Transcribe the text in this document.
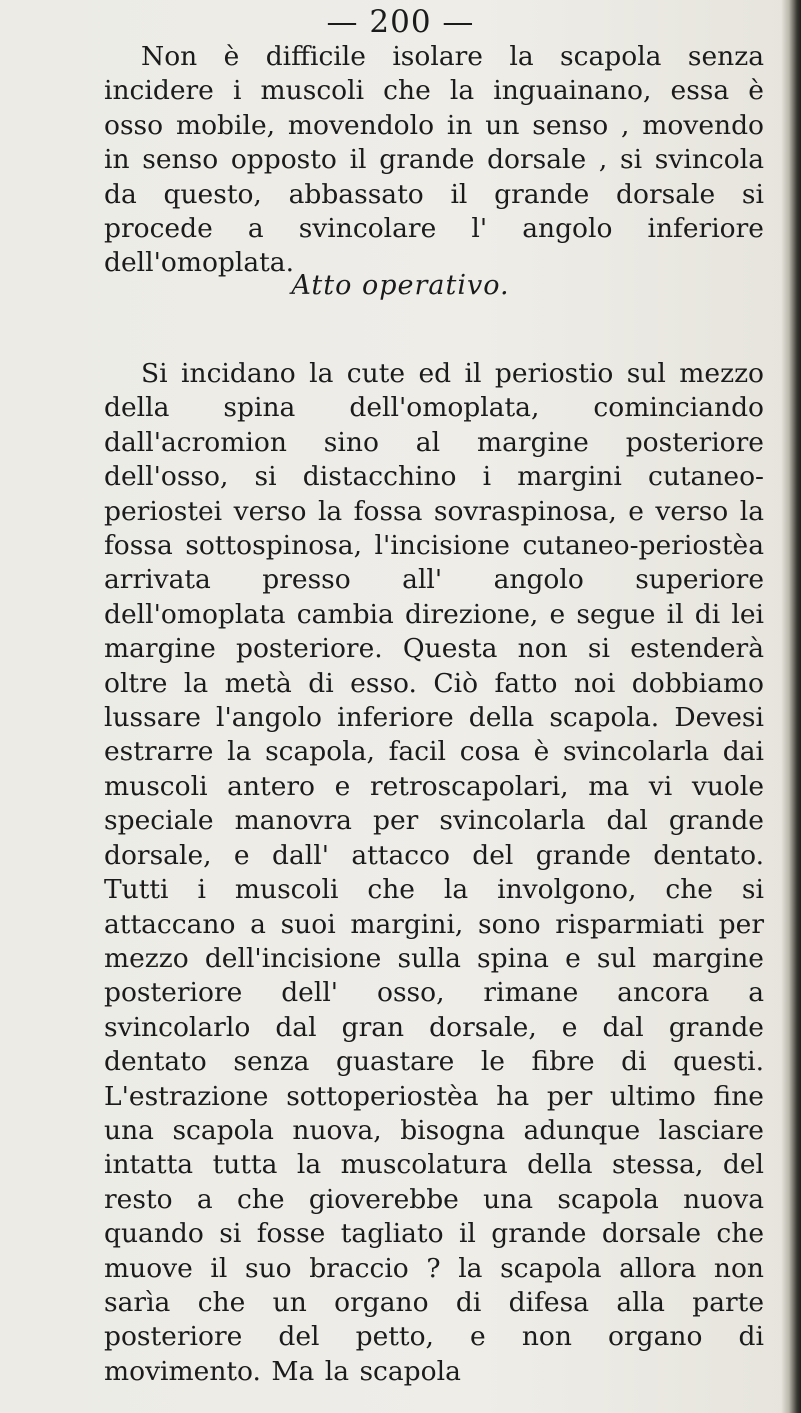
— 200 —

Non è difficile isolare la scapola senza incidere i muscoli che la inguainano, essa è osso mobile, movendolo in un senso , movendo in senso opposto il grande dorsale , si svincola da questo, abbassato il grande dorsale si procede a svincolare l' angolo inferiore dell'omoplata.

Atto operativo.

Si incidano la cute ed il periostio sul mezzo della spina dell'omoplata, cominciando dall'acromion sino al margine posteriore dell'osso, si distacchino i margini cutaneo-periostei verso la fossa sovraspinosa, e verso la fossa sottospinosa, l'incisione cutaneo-periostèa arrivata presso all' angolo superiore dell'omoplata cambia direzione, e segue il di lei margine posteriore. Questa non si estenderà oltre la metà di esso. Ciò fatto noi dobbiamo lussare l'angolo inferiore della scapola. Devesi estrarre la scapola, facil cosa è svincolarla dai muscoli antero e retroscapolari, ma vi vuole speciale manovra per svincolarla dal grande dorsale, e dall' attacco del grande dentato. Tutti i muscoli che la involgono, che si attaccano a suoi margini, sono risparmiati per mezzo dell'incisione sulla spina e sul margine posteriore dell' osso, rimane ancora a svincolarlo dal gran dorsale, e dal grande dentato senza guastare le fibre di questi. L'estrazione sottoperiostèa ha per ultimo fine una scapola nuova, bisogna adunque lasciare intatta tutta la muscolatura della stessa, del resto a che gioverebbe una scapola nuova quando si fosse tagliato il grande dorsale che muove il suo braccio ? la scapola allora non sarìa che un organo di difesa alla parte posteriore del petto, e non organo di movimento. Ma la scapola
